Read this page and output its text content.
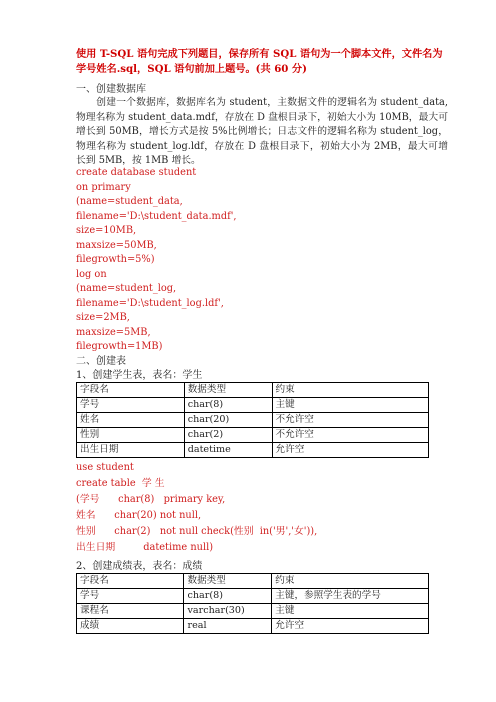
使用 T-SQL 语句完成下列题目，保存所有 SQL 语句为一个脚本文件，文件名为学号姓名.sql，SQL 语句前加上题号。(共 60 分)
一、创建数据库
创建一个数据库，数据库名为 student，主数据文件的逻辑名为 student_data,物理名称为 student_data.mdf，存放在 D 盘根目录下，初始大小为 10MB，最大可增长到 50MB，增长方式是按 5%比例增长；日志文件的逻辑名称为 student_log，物理名称为 student_log.ldf，存放在 D 盘根目录下，初始大小为 2MB，最大可增长到 5MB，按 1MB 增长。
create database student
on primary
(name=student_data,
filename='D:\student_data.mdf',
size=10MB,
maxsize=50MB,
filegrowth=5%)
log on
(name=student_log,
filename='D:\student_log.ldf',
size=2MB,
maxsize=5MB,
filegrowth=1MB)
二、创建表
1、创建学生表，表名：学生
字段名	数据类型	约束
学号	char(8)	主键
姓名	char(20)	不允许空
性别	char(2)	不允许空
出生日期	datetime	允许空
use student
create table  学 生
(学号      char(8)   primary key,
姓名      char(20) not null,
性别      char(2)   not null check(性别  in('男','女')),
出生日期         datetime null)
2、创建成绩表，表名：成绩
字段名	数据类型	约束
学号	char(8)	主键，参照学生表的学号
课程名	varchar(30)	主键
成绩	real	允许空
